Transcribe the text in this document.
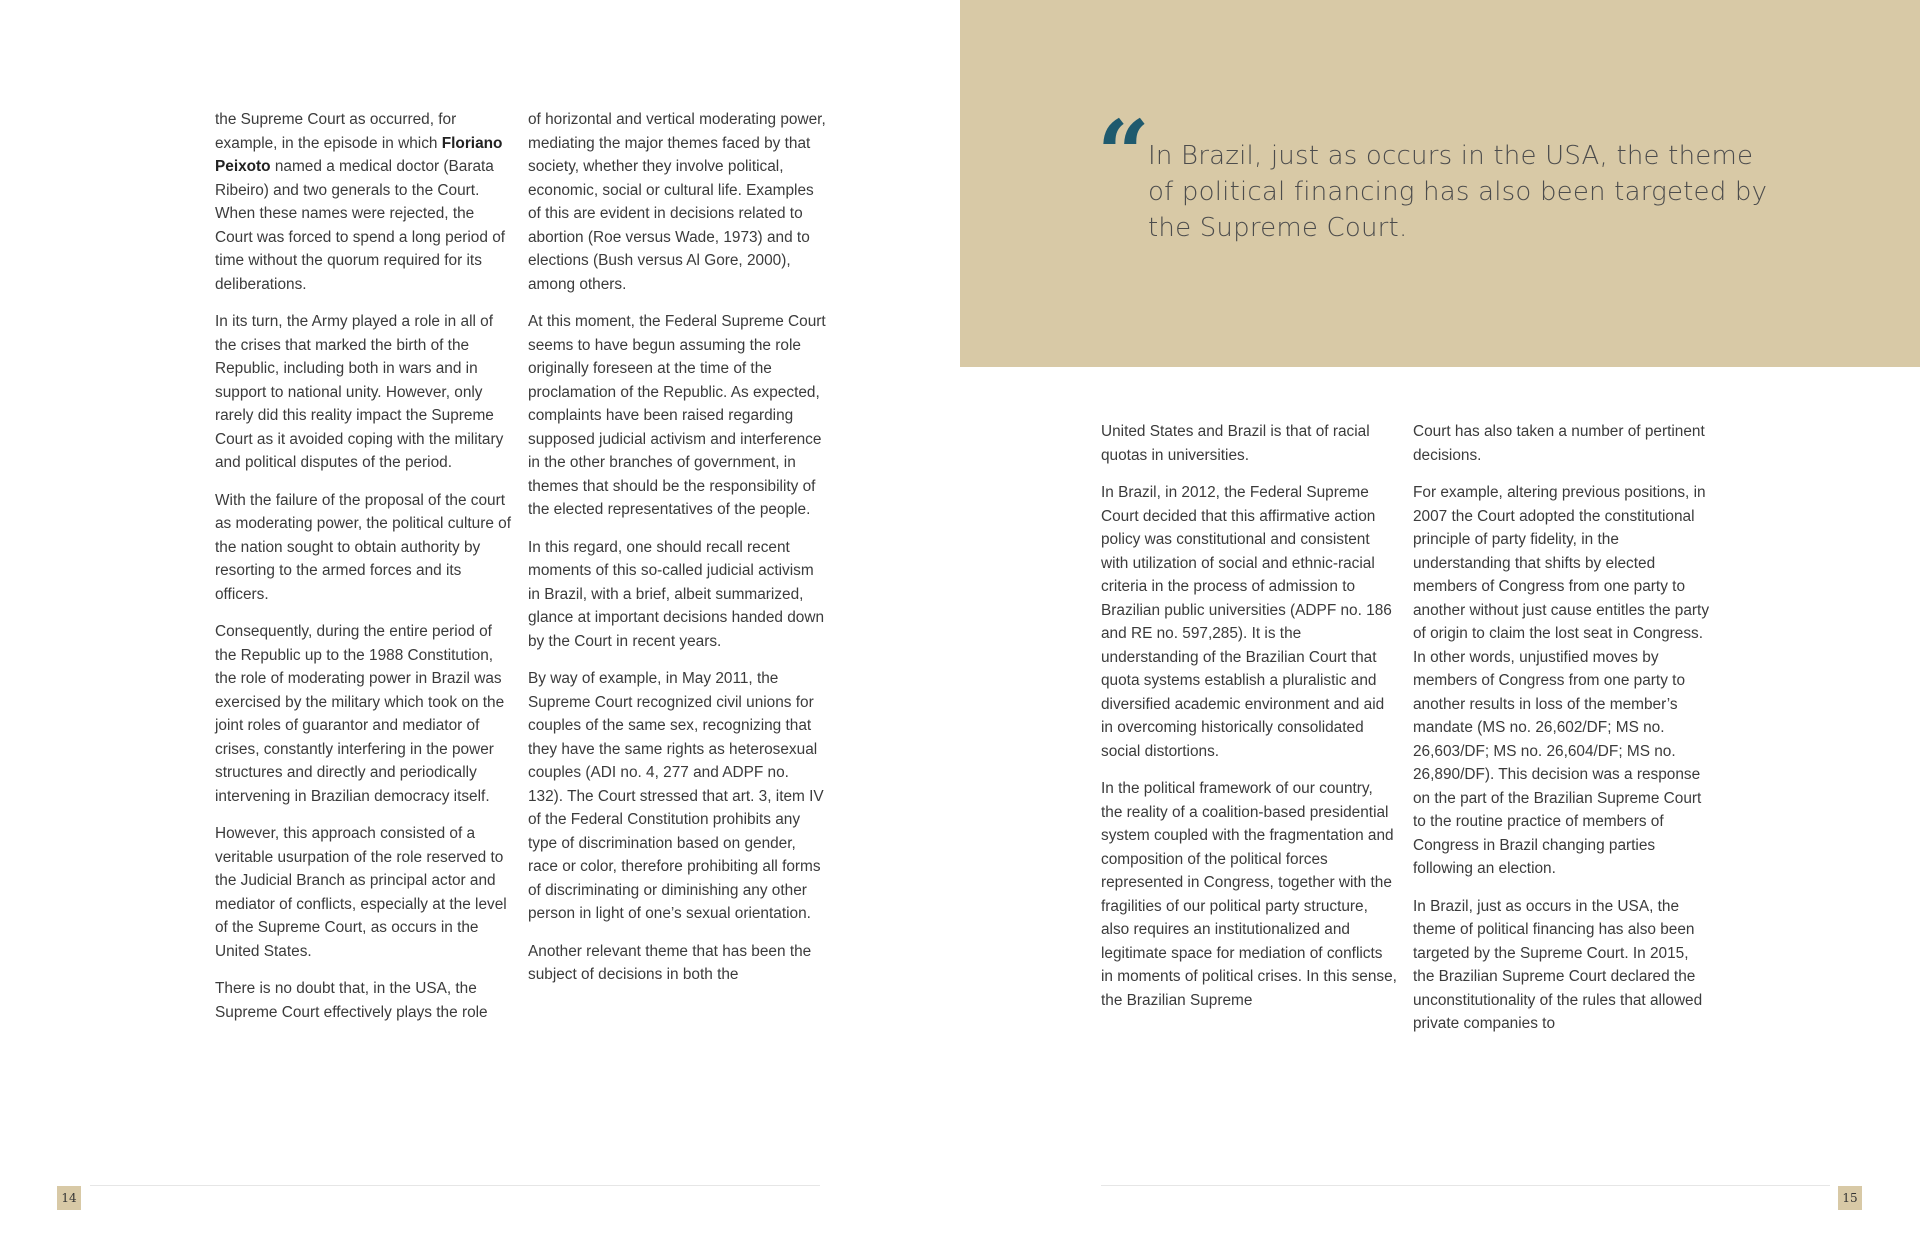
the Supreme Court as occurred, for example, in the episode in which Floriano Peixoto named a medical doctor (Barata Ribeiro) and two generals to the Court. When these names were rejected, the Court was forced to spend a long period of time without the quorum required for its deliberations.

In its turn, the Army played a role in all of the crises that marked the birth of the Republic, including both in wars and in support to national unity. However, only rarely did this reality impact the Supreme Court as it avoided coping with the military and political disputes of the period.

With the failure of the proposal of the court as moderating power, the political culture of the nation sought to obtain authority by resorting to the armed forces and its officers.

Consequently, during the entire period of the Republic up to the 1988 Constitution, the role of moderating power in Brazil was exercised by the military which took on the joint roles of guarantor and mediator of crises, constantly interfering in the power structures and directly and periodically intervening in Brazilian democracy itself.

However, this approach consisted of a veritable usurpation of the role reserved to the Judicial Branch as principal actor and mediator of conflicts, especially at the level of the Supreme Court, as occurs in the United States.

There is no doubt that, in the USA, the Supreme Court effectively plays the role

of horizontal and vertical moderating power, mediating the major themes faced by that society, whether they involve political, economic, social or cultural life. Examples of this are evident in decisions related to abortion (Roe versus Wade, 1973) and to elections (Bush versus Al Gore, 2000), among others.

At this moment, the Federal Supreme Court seems to have begun assuming the role originally foreseen at the time of the proclamation of the Republic. As expected, complaints have been raised regarding supposed judicial activism and interference in the other branches of government, in themes that should be the responsibility of the elected representatives of the people.

In this regard, one should recall recent moments of this so-called judicial activism in Brazil, with a brief, albeit summarized, glance at important decisions handed down by the Court in recent years.

By way of example, in May 2011, the Supreme Court recognized civil unions for couples of the same sex, recognizing that they have the same rights as heterosexual couples (ADI no. 4, 277 and ADPF no. 132). The Court stressed that art. 3, item IV of the Federal Constitution prohibits any type of discrimination based on gender, race or color, therefore prohibiting all forms of discriminating or diminishing any other person in light of one’s sexual orientation.

Another relevant theme that has been the subject of decisions in both the

14
“
In Brazil, just as occurs in the USA, the theme of political financing has also been targeted by the Supreme Court.

United States and Brazil is that of racial quotas in universities.

In Brazil, in 2012, the Federal Supreme Court decided that this affirmative action policy was constitutional and consistent with utilization of social and ethnic-racial criteria in the process of admission to Brazilian public universities (ADPF no. 186 and RE no. 597,285). It is the understanding of the Brazilian Court that quota systems establish a pluralistic and diversified academic environment and aid in overcoming historically consolidated social distortions.

In the political framework of our country, the reality of a coalition-based presidential system coupled with the fragmentation and composition of the political forces represented in Congress, together with the fragilities of our political party structure, also requires an institutionalized and legitimate space for mediation of conflicts in moments of political crises. In this sense, the Brazilian Supreme

Court has also taken a number of pertinent decisions.

For example, altering previous positions, in 2007 the Court adopted the constitutional principle of party fidelity, in the understanding that shifts by elected members of Congress from one party to another without just cause entitles the party of origin to claim the lost seat in Congress. In other words, unjustified moves by members of Congress from one party to another results in loss of the member’s mandate (MS no. 26,602/DF; MS no. 26,603/DF; MS no. 26,604/DF; MS no. 26,890/DF). This decision was a response on the part of the Brazilian Supreme Court to the routine practice of members of Congress in Brazil changing parties following an election.

In Brazil, just as occurs in the USA, the theme of political financing has also been targeted by the Supreme Court. In 2015, the Brazilian Supreme Court declared the unconstitutionality of the rules that allowed private companies to

15
